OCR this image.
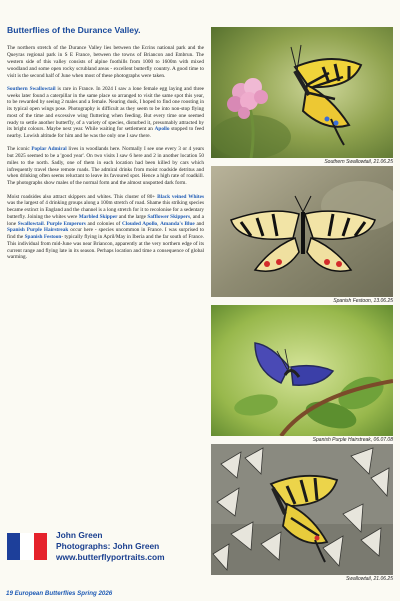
Butterflies of the Durance Valley.

The northern stretch of the Durance Valley lies between the Ecrins national park and the Queyras regional park in S E France, between the towns of Briancon and Embrun. The western side of this valley consists of alpine foothills from 1000 to 1600m with mixed woodland and some open rocky scrubland areas - excellent butterfly country. A good time to visit is the second half of June when most of these photographs were taken.

Southern Swallowtail is rare in France. In 2024 I saw a lone female egg laying and three weeks later found a caterpillar in the same place so arranged to visit the same spot this year, to be rewarded by seeing 2 males and a female. Nearing dusk, I hoped to find one roosting in its typical open wings pose. Photography is difficult as they seem to be into non-stop flying most of the time and excessive wing fluttering when feeding. But every time one seemed ready to settle another butterfly, of a variety of species, disturbed it, presumably attracted by its bright colours. Maybe next year. While waiting for settlement an Apollo stopped to feed nearby. Lowish altitude for him and he was the only one I saw there.

The iconic Poplar Admiral lives in woodlands here. Normally I see one every 3 or 4 years but 2025 seemed to be a 'good year'. On two visits I saw 6 here and 2 in another location 50 miles to the north. Sadly, one of them in each location had been killed by cars which infrequently travel these remote roads. The admiral drinks from moist roadside detritus and when drinking often seems reluctant to leave its favoured spot. Hence a high rate of roadkill. The photographs show males of the normal form and the almost unspotted dark form.

Moist roadsides also attract skippers and whites. This cluster of 80+ Black veined Whites was the largest of 4 drinking groups along a 100m stretch of road. Shame this striking species became extinct in England and the channel is a long stretch for it to recolonise for a sedentary butterfly. Joining the whites were Marbled Skipper and the large Safflower Skippers, and a lone Swallowtail. Purple Emperors and colonies of Clouded Apollo, Amanda's Blue and Spanish Purple Hairstreak occur here - species uncommon in France. I was surprised to find the Spanish Festoon- typically flying in April/May in Iberia and the far south of France. This individual from mid-June was near Briancon, apparently at the very northern edge of its current range and flying late in its season. Perhaps location and time a consequence of global warming.

John Green
Photographs: John Green
www.butterflyportraits.com
Southern Swallowtail, 21.06.25
Spanish Festoon, 13.06.25
Spanish Purple Hairstreak, 06.07.08
Swallowtail, 21.06.25
19 European Butterflies Spring 2026
